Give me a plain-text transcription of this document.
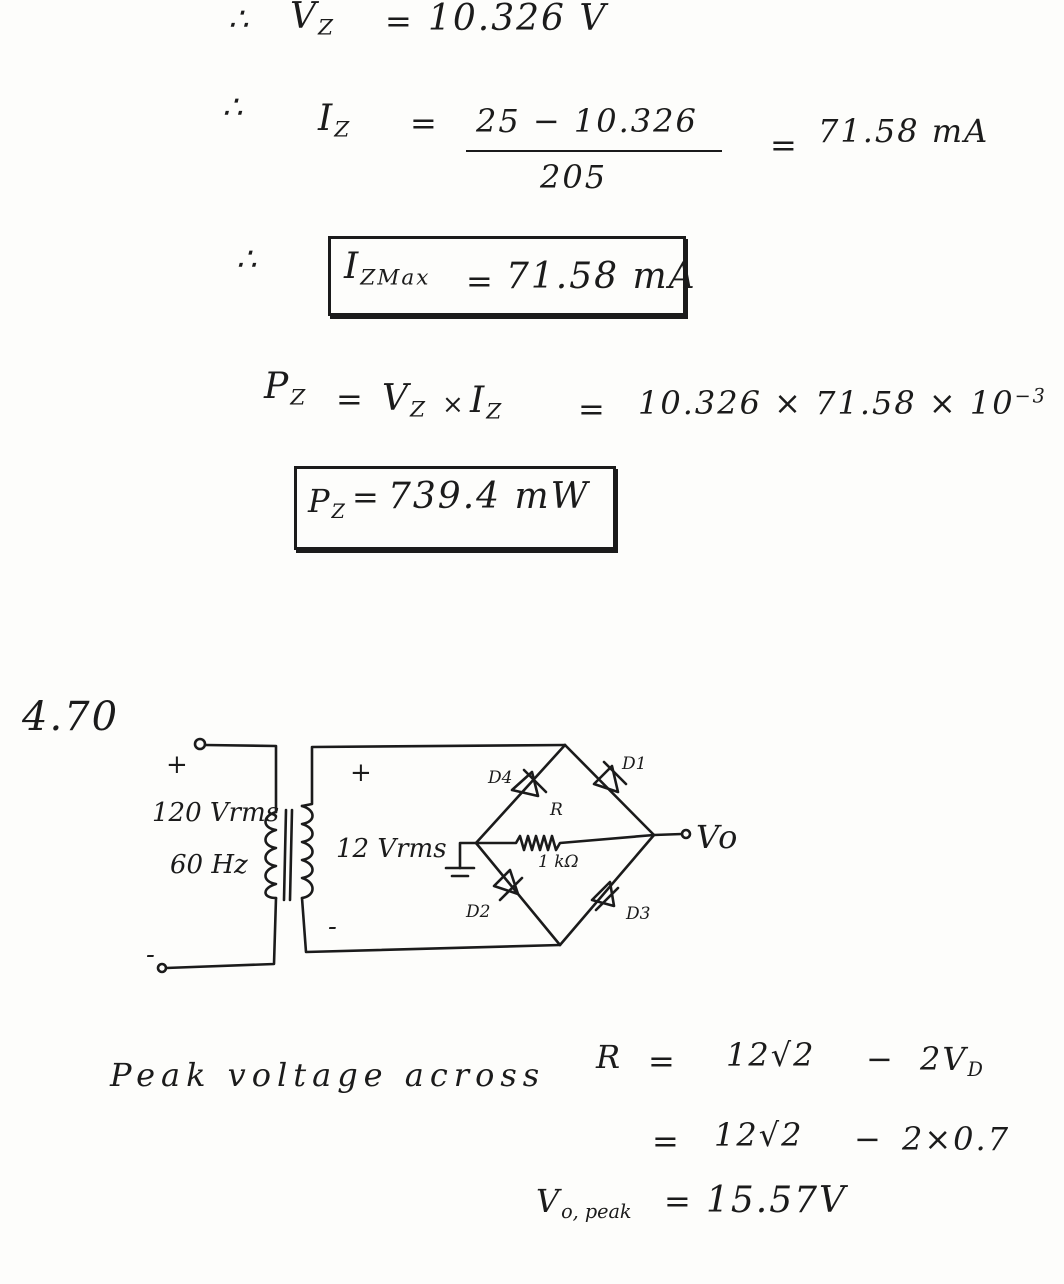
∴ $V_Z = 10.326$ V
∴ $I_Z = 25 - 10.326$
205
= 71.58 mA
∴ $I_{ZMax} = 71.58$ mA
$P_Z = V_Z \times I_Z = 10.326 \times 71.58 \times 10^{-3}$
$P_Z = 739.4$ mW
4.70
+
-
+
-
120 Vrms
60 Hz
12 Vrms
D4
D1
D2	D3
R
1 kΩ
Vo
Peak voltage across $R = 12√2 - 2V_D$
= 12√2 − 2×0.7
$V_{o, peak} = 15.57V$
